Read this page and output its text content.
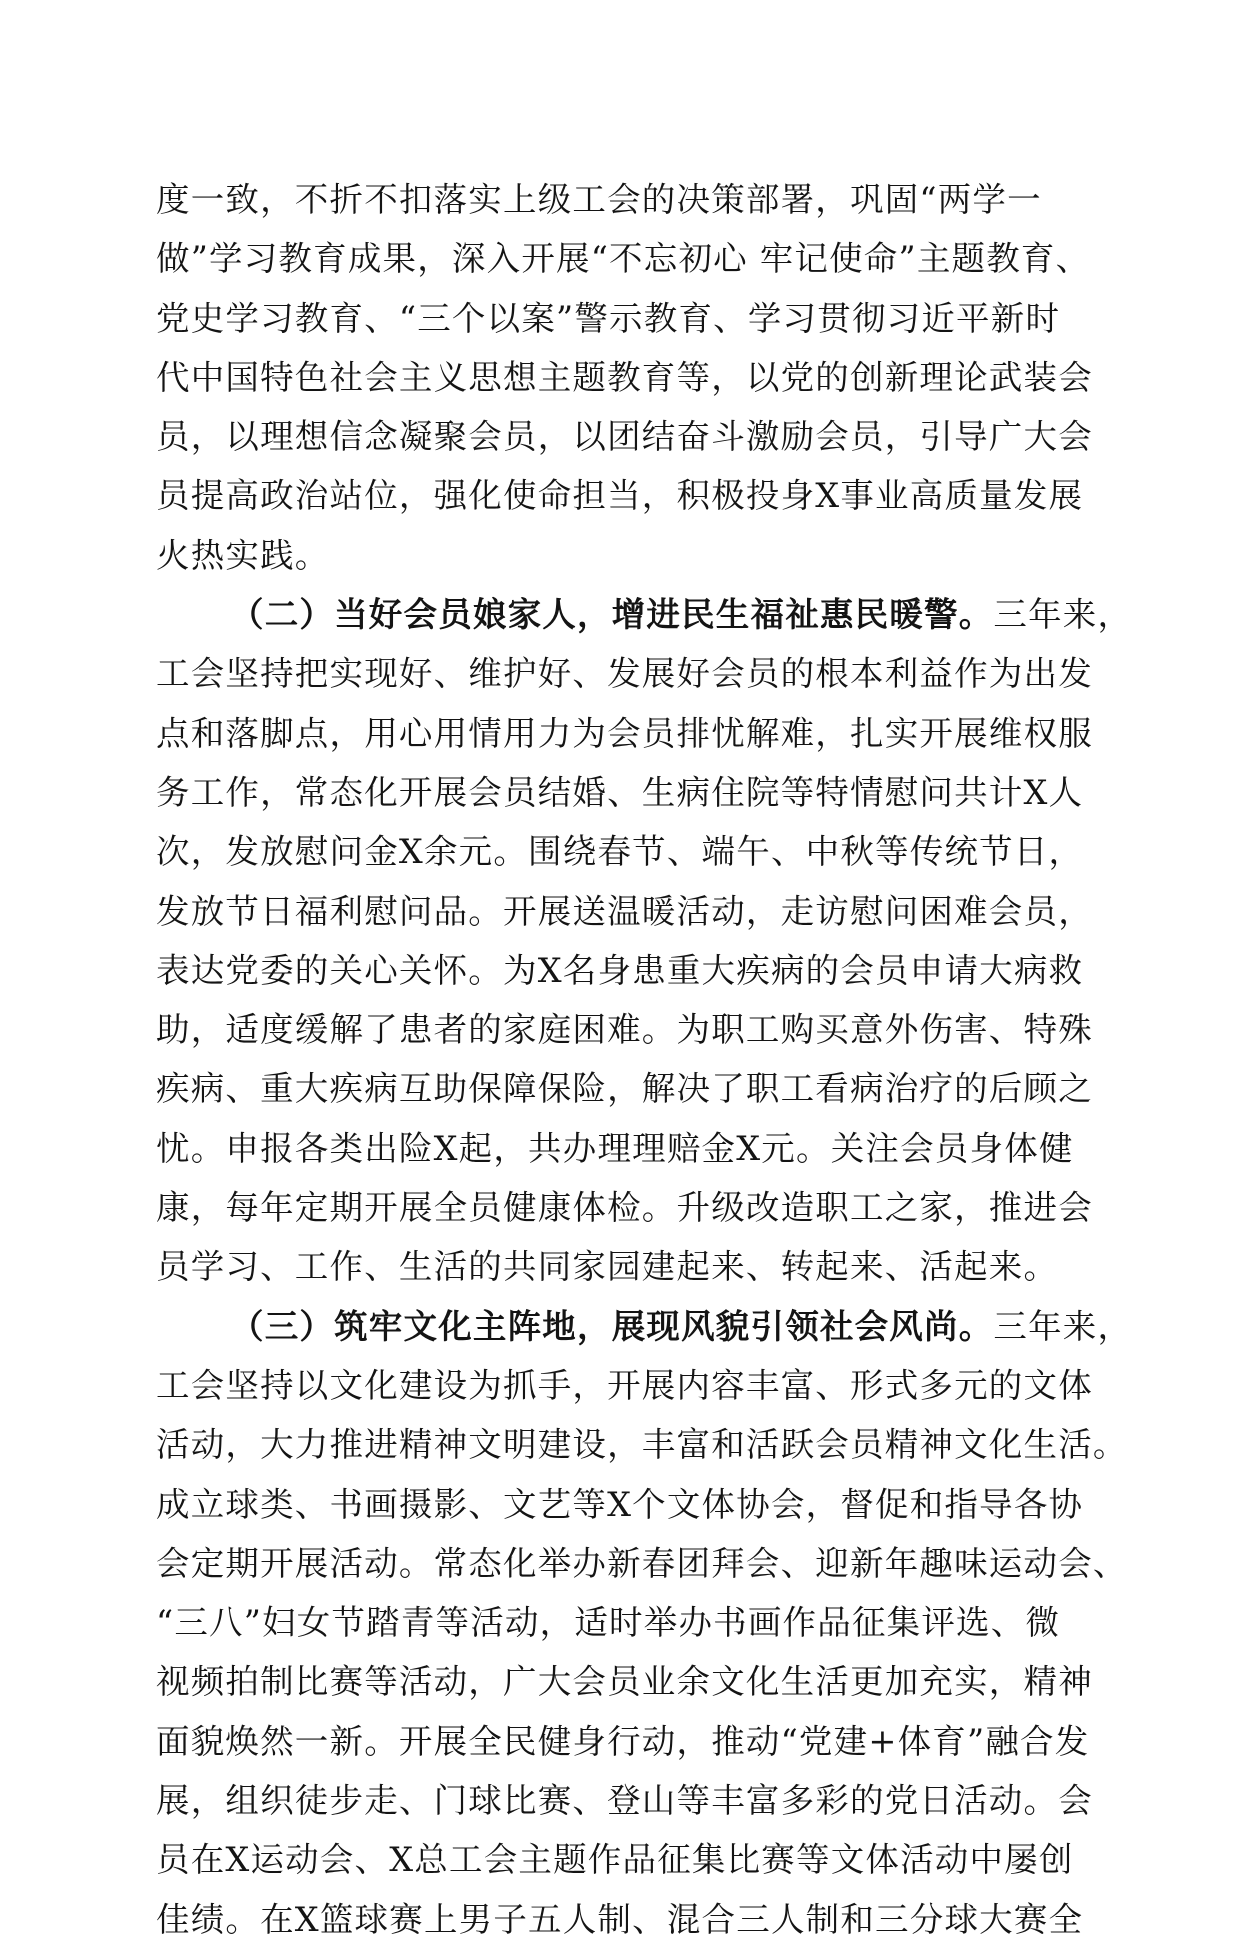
度一致，不折不扣落实上级工会的决策部署，巩固“两学一
做”学习教育成果，深入开展“不忘初心 牢记使命”主题教育、
党史学习教育、“三个以案”警示教育、学习贯彻习近平新时
代中国特色社会主义思想主题教育等，以党的创新理论武装会
员，以理想信念凝聚会员，以团结奋斗激励会员，引导广大会
员提高政治站位，强化使命担当，积极投身X事业高质量发展
火热实践。
（二）当好会员娘家人，增进民生福祉惠民暖警。三年来，
工会坚持把实现好、维护好、发展好会员的根本利益作为出发
点和落脚点，用心用情用力为会员排忧解难，扎实开展维权服
务工作，常态化开展会员结婚、生病住院等特情慰问共计X人
次，发放慰问金X余元。围绕春节、端午、中秋等传统节日，
发放节日福利慰问品。开展送温暖活动，走访慰问困难会员，
表达党委的关心关怀。为X名身患重大疾病的会员申请大病救
助，适度缓解了患者的家庭困难。为职工购买意外伤害、特殊
疾病、重大疾病互助保障保险，解决了职工看病治疗的后顾之
忧。申报各类出险X起，共办理理赔金X元。关注会员身体健
康，每年定期开展全员健康体检。升级改造职工之家，推进会
员学习、工作、生活的共同家园建起来、转起来、活起来。
（三）筑牢文化主阵地，展现风貌引领社会风尚。三年来，
工会坚持以文化建设为抓手，开展内容丰富、形式多元的文体
活动，大力推进精神文明建设，丰富和活跃会员精神文化生活。
成立球类、书画摄影、文艺等X个文体协会，督促和指导各协
会定期开展活动。常态化举办新春团拜会、迎新年趣味运动会、
“三八”妇女节踏青等活动，适时举办书画作品征集评选、微
视频拍制比赛等活动，广大会员业余文化生活更加充实，精神
面貌焕然一新。开展全民健身行动，推动“党建+体育”融合发
展，组织徒步走、门球比赛、登山等丰富多彩的党日活动。会
员在X运动会、X总工会主题作品征集比赛等文体活动中屡创
佳绩。在X篮球赛上男子五人制、混合三人制和三分球大赛全
